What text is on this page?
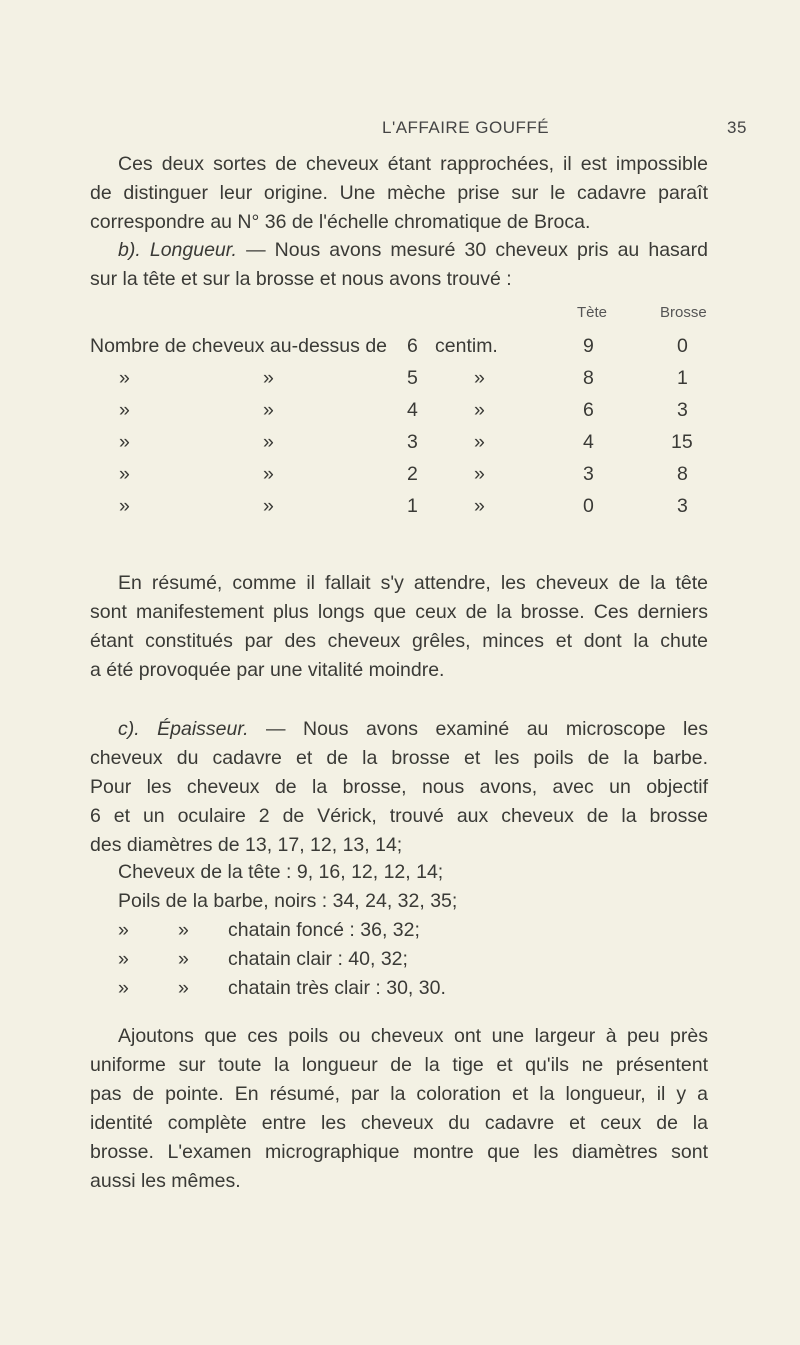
L'AFFAIRE GOUFFÉ	35
Ces deux sortes de cheveux étant rapprochées, il est impossible
de distinguer leur origine. Une mèche prise sur le cadavre paraît
correspondre au N° 36 de l'échelle chromatique de Broca.
b). Longueur. — Nous avons mesuré 30 cheveux pris au hasard
sur la tête et sur la brosse et nous avons trouvé :
Tète	Brosse
Nombre de cheveux au-dessus de 6 centim.	9	0
»	»	5	»	8	1
»	»	4	»	6	3
»	»	3	»	4	15
»	»	2	»	3	8
»	»	1	»	0	3
En résumé, comme il fallait s'y attendre, les cheveux de la tête
sont manifestement plus longs que ceux de la brosse. Ces derniers
étant constitués par des cheveux grêles, minces et dont la chute
a été provoquée par une vitalité moindre.
c). Épaisseur. — Nous avons examiné au microscope les
cheveux du cadavre et de la brosse et les poils de la barbe.
Pour les cheveux de la brosse, nous avons, avec un objectif
6 et un oculaire 2 de Vérick, trouvé aux cheveux de la brosse
des diamètres de 13, 17, 12, 13, 14;
Cheveux de la tête : 9, 16, 12, 12, 14;
Poils de la barbe, noirs : 34, 24, 32, 35;
»	» chatain foncé : 36, 32;
»	» chatain clair : 40, 32;
»	» chatain très clair : 30, 30.
Ajoutons que ces poils ou cheveux ont une largeur à peu près
uniforme sur toute la longueur de la tige et qu'ils ne présentent
pas de pointe. En résumé, par la coloration et la longueur, il y a
identité complète entre les cheveux du cadavre et ceux de la
brosse. L'examen micrographique montre que les diamètres sont
aussi les mêmes.
